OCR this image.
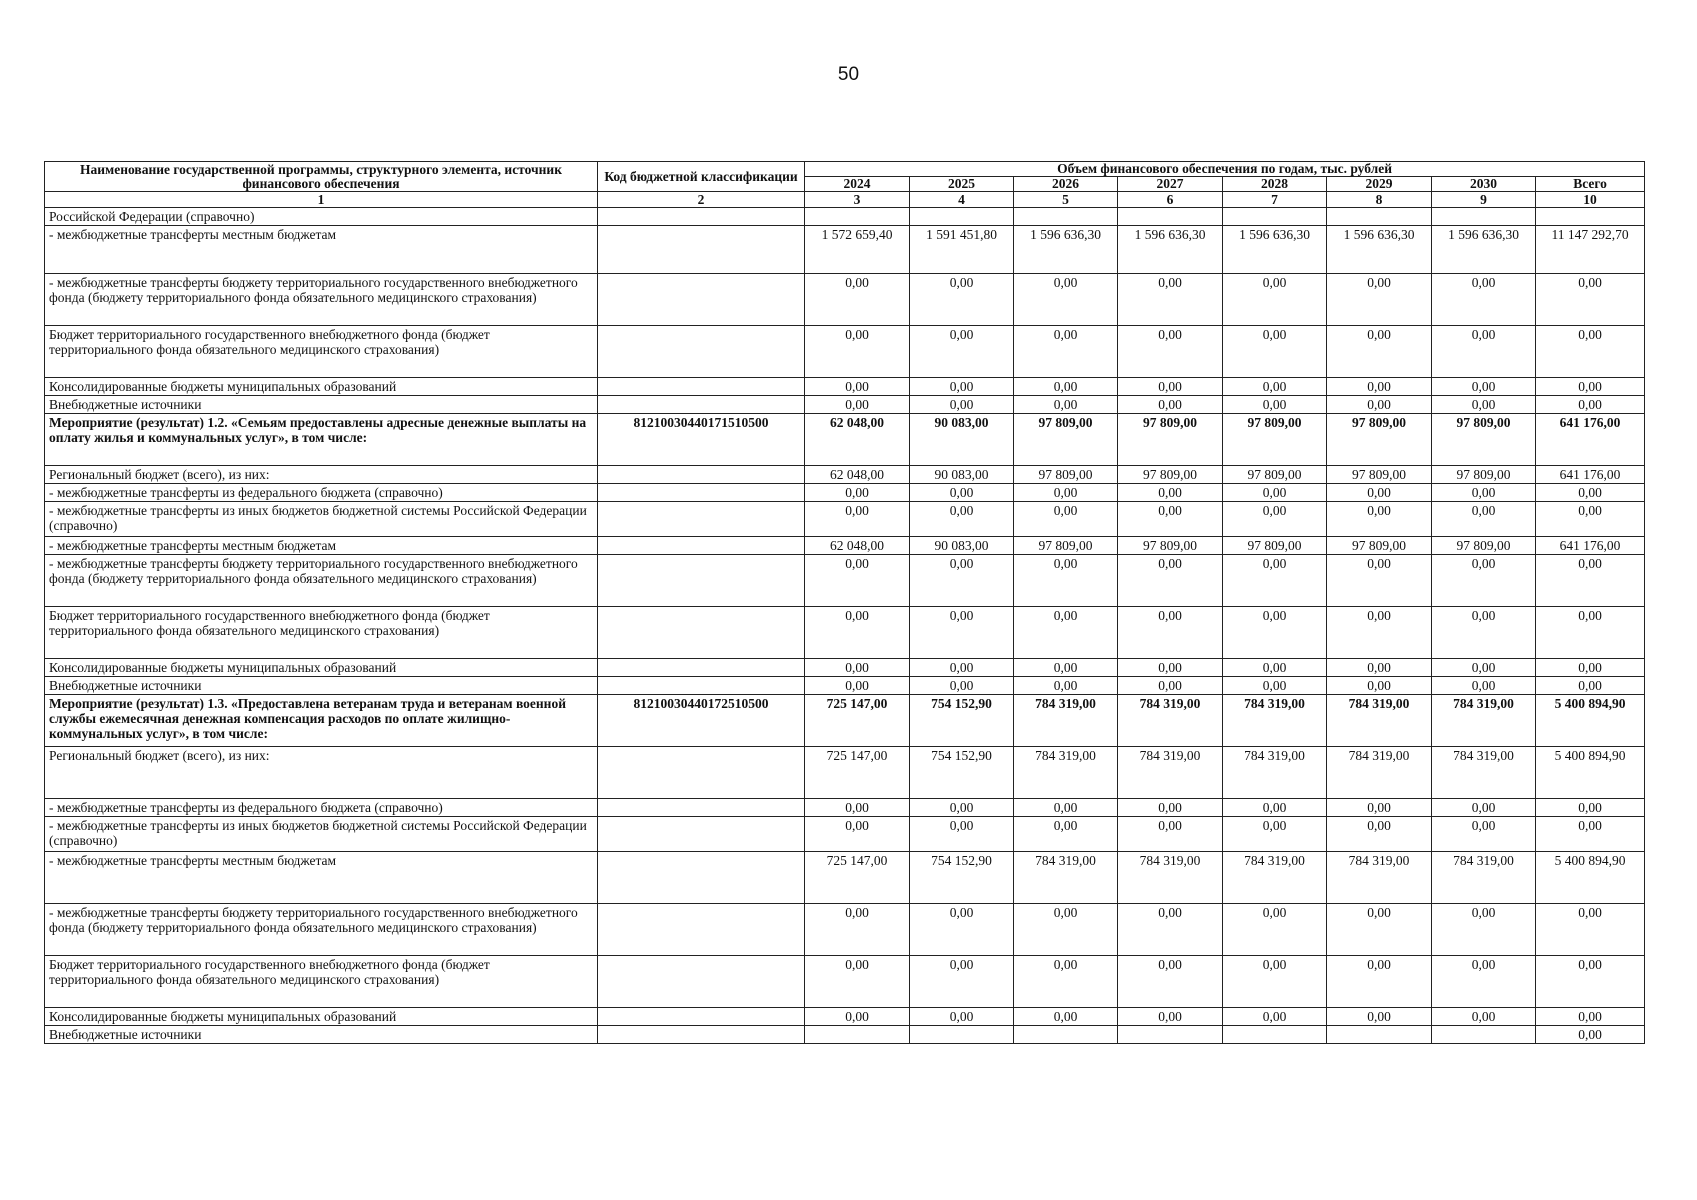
50
Наименование государственной программы, структурного элемента, источник финансового обеспечения	Код бюджетной классификации	Объем финансового обеспечения по годам, тыс. рублей							
		2024	2025	2026	2027	2028	2029	2030	Всего
1	2	3	4	5	6	7	8	9	10
Российской Федерации (справочно)									
- межбюджетные трансферты местным бюджетам		1 572 659,40	1 591 451,80	1 596 636,30	1 596 636,30	1 596 636,30	1 596 636,30	1 596 636,30	11 147 292,70
- межбюджетные трансферты бюджету территориального государственного внебюджетного фонда (бюджету территориального фонда обязательного медицинского страхования)		0,00	0,00	0,00	0,00	0,00	0,00	0,00	0,00
Бюджет территориального государственного внебюджетного фонда (бюджет территориального фонда обязательного медицинского страхования)		0,00	0,00	0,00	0,00	0,00	0,00	0,00	0,00
Консолидированные бюджеты муниципальных образований		0,00	0,00	0,00	0,00	0,00	0,00	0,00	0,00
Внебюджетные источники		0,00	0,00	0,00	0,00	0,00	0,00	0,00	0,00
Мероприятие (результат) 1.2. «Семьям предоставлены адресные денежные выплаты на оплату жилья и коммунальных услуг», в том числе:	81210030440171510500	62 048,00	90 083,00	97 809,00	97 809,00	97 809,00	97 809,00	97 809,00	641 176,00
Региональный бюджет (всего), из них:		62 048,00	90 083,00	97 809,00	97 809,00	97 809,00	97 809,00	97 809,00	641 176,00
- межбюджетные трансферты из федерального бюджета (справочно)		0,00	0,00	0,00	0,00	0,00	0,00	0,00	0,00
- межбюджетные трансферты из иных бюджетов бюджетной системы Российской Федерации (справочно)		0,00	0,00	0,00	0,00	0,00	0,00	0,00	0,00
- межбюджетные трансферты местным бюджетам		62 048,00	90 083,00	97 809,00	97 809,00	97 809,00	97 809,00	97 809,00	641 176,00
- межбюджетные трансферты бюджету территориального государственного внебюджетного фонда (бюджету территориального фонда обязательного медицинского страхования)		0,00	0,00	0,00	0,00	0,00	0,00	0,00	0,00
Бюджет территориального государственного внебюджетного фонда (бюджет территориального фонда обязательного медицинского страхования)		0,00	0,00	0,00	0,00	0,00	0,00	0,00	0,00
Консолидированные бюджеты муниципальных образований		0,00	0,00	0,00	0,00	0,00	0,00	0,00	0,00
Внебюджетные источники		0,00	0,00	0,00	0,00	0,00	0,00	0,00	0,00
Мероприятие (результат) 1.3. «Предоставлена ветеранам труда и ветеранам военной службы ежемесячная денежная компенсация расходов по оплате жилищно-коммунальных услуг», в том числе:	81210030440172510500	725 147,00	754 152,90	784 319,00	784 319,00	784 319,00	784 319,00	784 319,00	5 400 894,90
Региональный бюджет (всего), из них:		725 147,00	754 152,90	784 319,00	784 319,00	784 319,00	784 319,00	784 319,00	5 400 894,90
- межбюджетные трансферты из федерального бюджета (справочно)		0,00	0,00	0,00	0,00	0,00	0,00	0,00	0,00
- межбюджетные трансферты из иных бюджетов бюджетной системы Российской Федерации (справочно)		0,00	0,00	0,00	0,00	0,00	0,00	0,00	0,00
- межбюджетные трансферты местным бюджетам		725 147,00	754 152,90	784 319,00	784 319,00	784 319,00	784 319,00	784 319,00	5 400 894,90
- межбюджетные трансферты бюджету территориального государственного внебюджетного фонда (бюджету территориального фонда обязательного медицинского страхования)		0,00	0,00	0,00	0,00	0,00	0,00	0,00	0,00
Бюджет территориального государственного внебюджетного фонда (бюджет территориального фонда обязательного медицинского страхования)		0,00	0,00	0,00	0,00	0,00	0,00	0,00	0,00
Консолидированные бюджеты муниципальных образований		0,00	0,00	0,00	0,00	0,00	0,00	0,00	0,00
Внебюджетные источники									0,00
